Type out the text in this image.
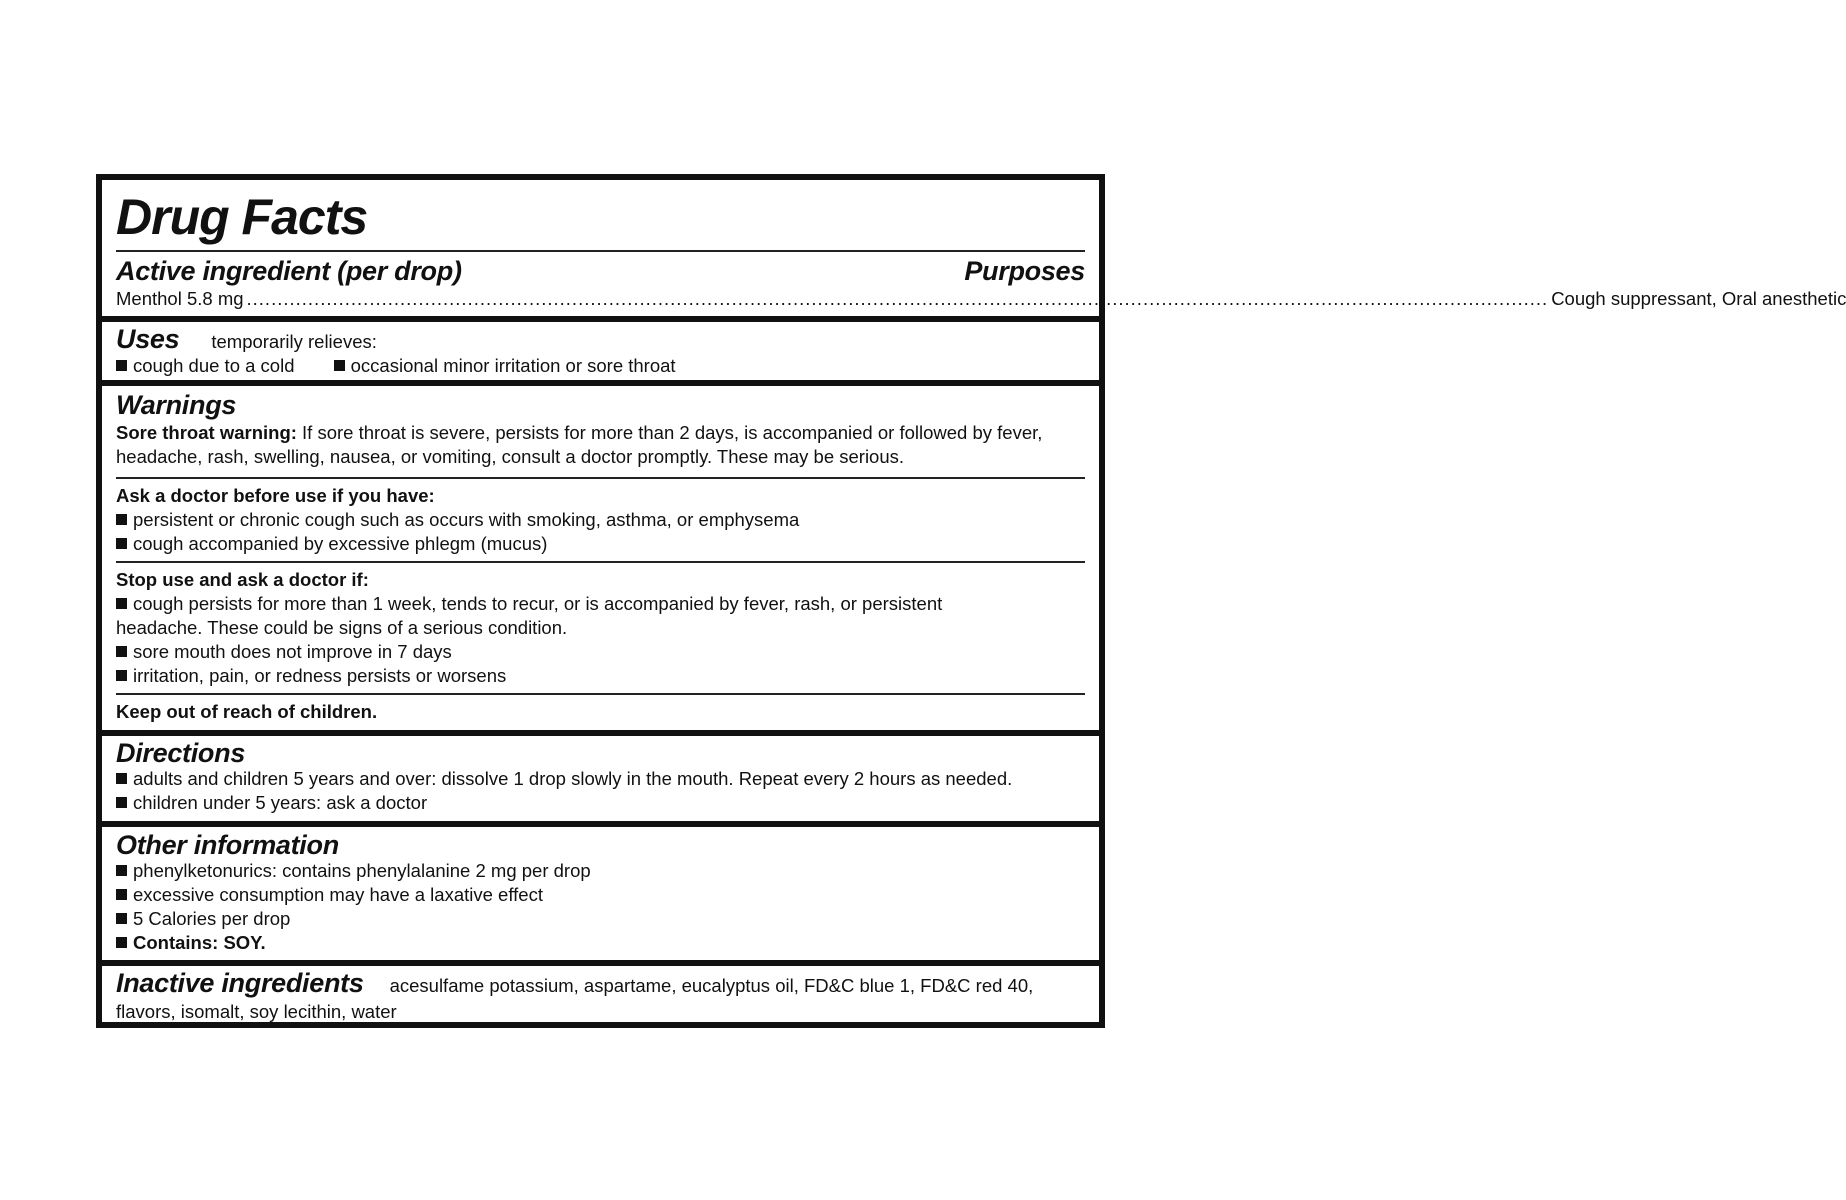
Drug Facts
Active ingredient (per drop)	Purposes
Menthol 5.8 mg .................................................................................................................................................................................................................... Cough suppressant, Oral anesthetic
Uses temporarily relieves:
cough due to a cold	occasional minor irritation or sore throat
Warnings
Sore throat warning: If sore throat is severe, persists for more than 2 days, is accompanied or followed by fever, headache, rash, swelling, nausea, or vomiting, consult a doctor promptly. These may be serious.
Ask a doctor before use if you have:
persistent or chronic cough such as occurs with smoking, asthma, or emphysema
cough accompanied by excessive phlegm (mucus)
Stop use and ask a doctor if:
cough persists for more than 1 week, tends to recur, or is accompanied by fever, rash, or persistent headache. These could be signs of a serious condition.
sore mouth does not improve in 7 days
irritation, pain, or redness persists or worsens
Keep out of reach of children.
Directions
adults and children 5 years and over: dissolve 1 drop slowly in the mouth. Repeat every 2 hours as needed.
children under 5 years: ask a doctor
Other information
phenylketonurics: contains phenylalanine 2 mg per drop
excessive consumption may have a laxative effect
5 Calories per drop
Contains: SOY.
Inactive ingredients acesulfame potassium, aspartame, eucalyptus oil, FD&C blue 1, FD&C red 40, flavors, isomalt, soy lecithin, water
